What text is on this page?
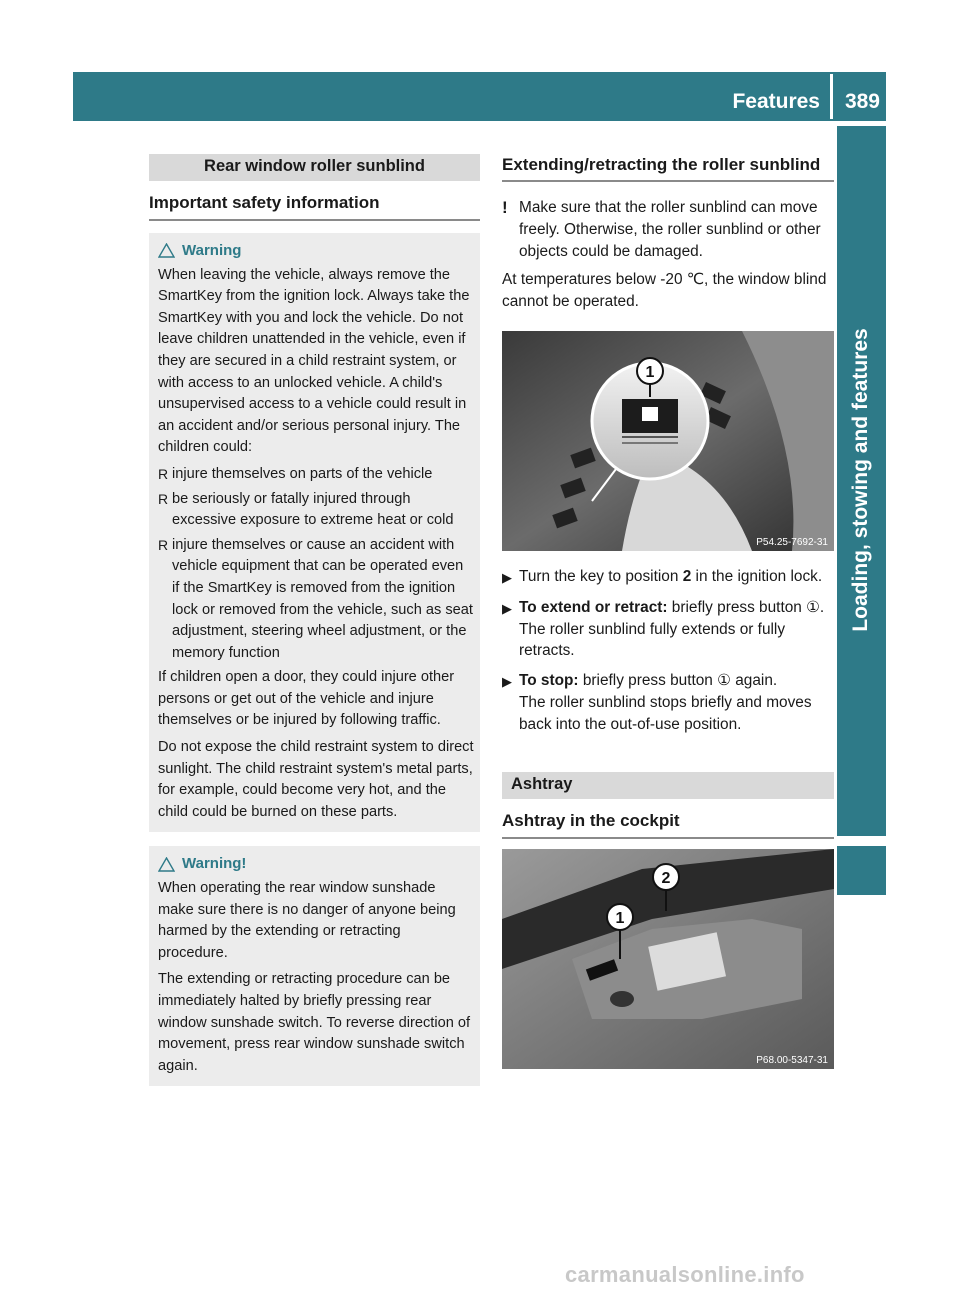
Features 389
Loading, stowing and features
Rear window roller sunblind
Important safety information
Warning

When leaving the vehicle, always remove the SmartKey from the ignition lock. Always take the SmartKey with you and lock the vehicle. Do not leave children unattended in the vehicle, even if they are secured in a child restraint system, or with access to an unlocked vehicle. A child's unsupervised access to a vehicle could result in an accident and/or serious personal injury. The children could:

R injure themselves on parts of the vehicle
R be seriously or fatally injured through excessive exposure to extreme heat or cold
R injure themselves or cause an accident with vehicle equipment that can be operated even if the SmartKey is removed from the ignition lock or removed from the vehicle, such as seat adjustment, steering wheel adjustment, or the memory function

If children open a door, they could injure other persons or get out of the vehicle and injure themselves or be injured by following traffic.

Do not expose the child restraint system to direct sunlight. The child restraint system's metal parts, for example, could become very hot, and the child could be burned on these parts.

Warning!

When operating the rear window sunshade make sure there is no danger of anyone being harmed by the extending or retracting procedure.

The extending or retracting procedure can be immediately halted by briefly pressing rear window sunshade switch. To reverse direction of movement, press rear window sunshade switch again.

Extending/retracting the roller sunblind
! Make sure that the roller sunblind can move freely. Otherwise, the roller sunblind or other objects could be damaged.

At temperatures below -20 ℃, the window blind cannot be operated.

1
P54.25-7692-31
▶ Turn the key to position 2 in the ignition lock.
▶ To extend or retract: briefly press button ①.
The roller sunblind fully extends or fully retracts.
▶ To stop: briefly press button ① again.
The roller sunblind stops briefly and moves back into the out-of-use position.
Ashtray
Ashtray in the cockpit
1
2
P68.00-5347-31
carmanualsonline.info
